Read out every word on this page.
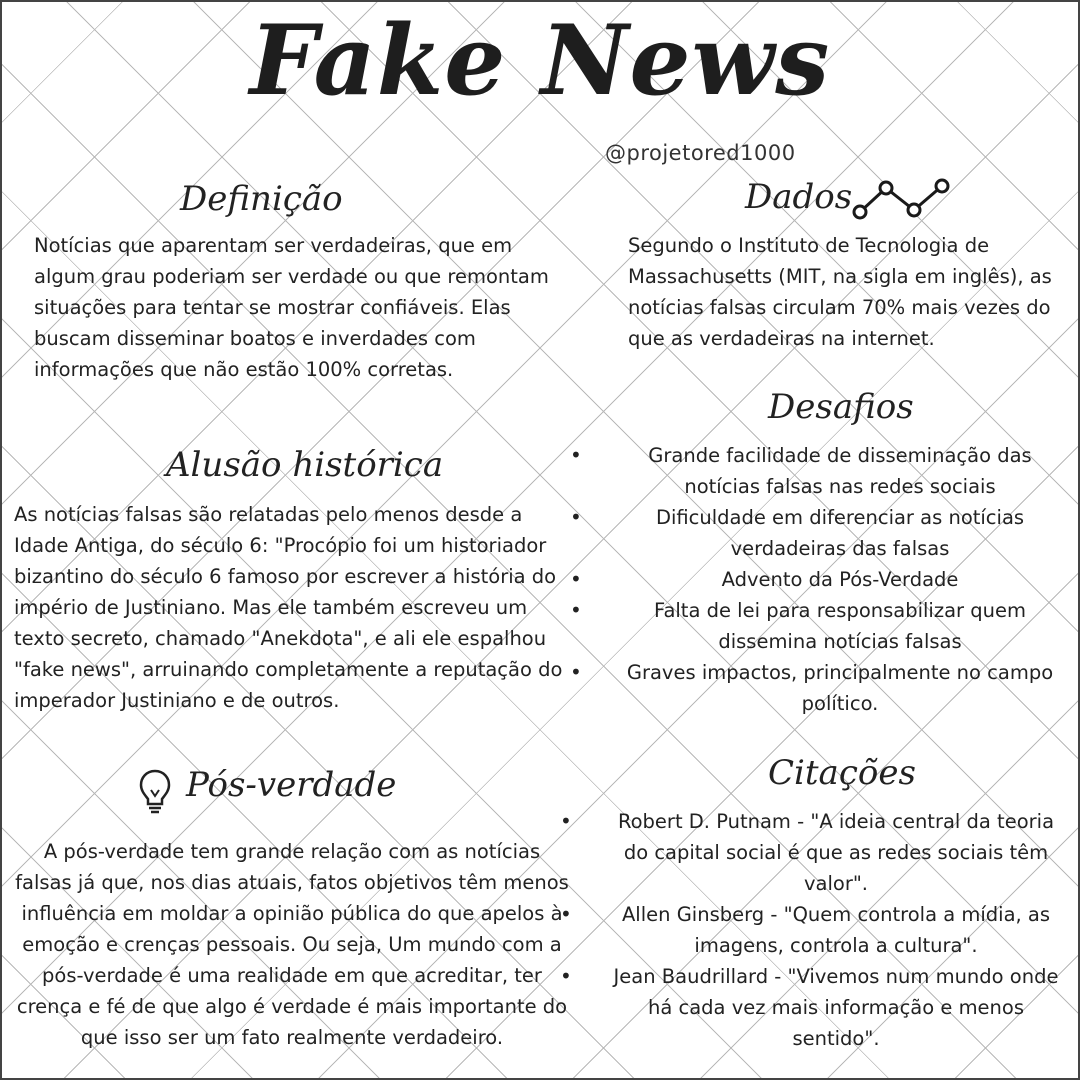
Fake News
@projetored1000
Definição

Notícias que aparentam ser verdadeiras, que em algum grau poderiam ser verdade ou que remontam situações para tentar se mostrar confiáveis. Elas buscam disseminar boatos e inverdades com informações que não estão 100% corretas.

Alusão histórica

As notícias falsas são relatadas pelo menos desde a Idade Antiga, do século 6: "Procópio foi um historiador bizantino do século 6 famoso por escrever a história do império de Justiniano. Mas ele também escreveu um texto secreto, chamado "Anekdota", e ali ele espalhou "fake news", arruinando completamente a reputação do imperador Justiniano e de outros.

Pós-verdade

A pós-verdade tem grande relação com as notícias falsas já que, nos dias atuais, fatos objetivos têm menos influência em moldar a opinião pública do que apelos à emoção e crenças pessoais. Ou seja, Um mundo com a pós-verdade é uma realidade em que acreditar, ter crença e fé de que algo é verdade é mais importante do que isso ser um fato realmente verdadeiro.

Dados

Segundo o Instituto de Tecnologia de Massachusetts (MIT, na sigla em inglês), as notícias falsas circulam 70% mais vezes do que as verdadeiras na internet.

Desafios
• Grande facilidade de disseminação das notícias falsas nas redes sociais
• Dificuldade em diferenciar as notícias verdadeiras das falsas
• Advento da Pós-Verdade
• Falta de lei para responsabilizar quem dissemina notícias falsas
• Graves impactos, principalmente no campo político.
Citações
• Robert D. Putnam - "A ideia central da teoria do capital social é que as redes sociais têm valor".
• Allen Ginsberg - "Quem controla a mídia, as imagens, controla a cultura".
• Jean Baudrillard - "Vivemos num mundo onde há cada vez mais informação e menos sentido".
